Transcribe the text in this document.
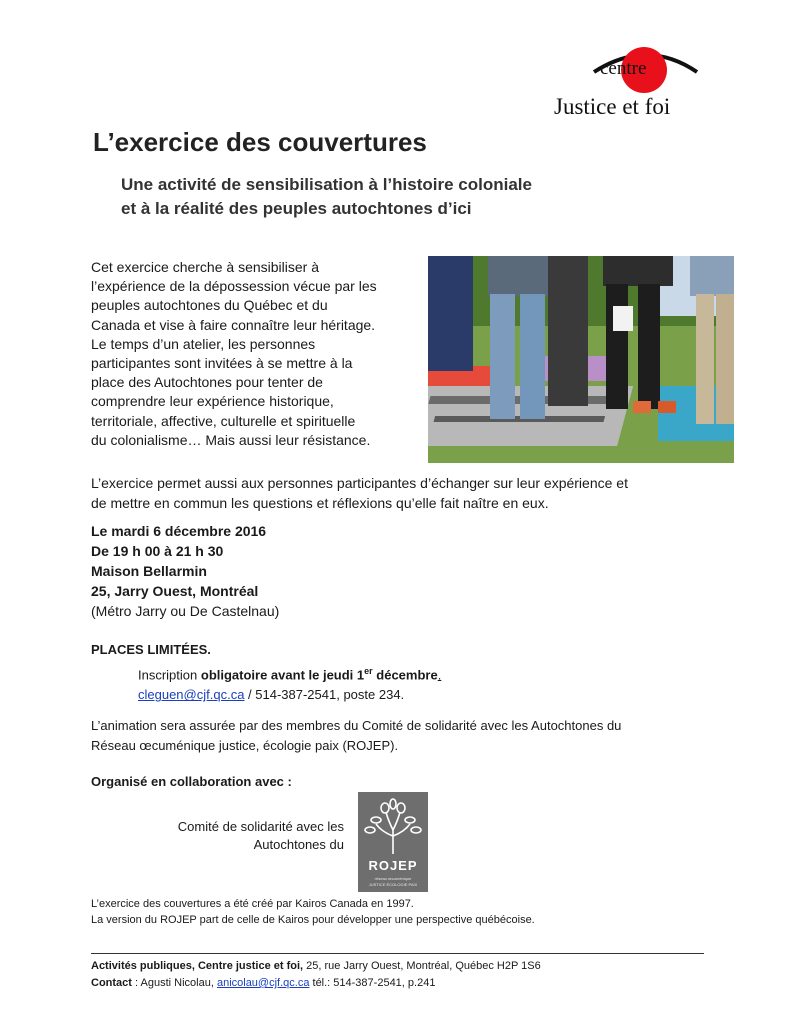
centre
Justice et foi
L’exercice des couvertures
Une activité de sensibilisation à l’histoire coloniale
et à la réalité des peuples autochtones d’ici
Cet exercice cherche à sensibiliser à
l’expérience de la dépossession vécue par les
peuples autochtones du Québec et du
Canada et vise à faire connaître leur héritage.
Le temps d’un atelier, les personnes
participantes sont invitées à se mettre à la
place des Autochtones pour tenter de
comprendre leur expérience historique,
territoriale, affective, culturelle et spirituelle
du colonialisme… Mais aussi leur résistance.
L’exercice permet aussi aux personnes participantes d’échanger sur leur expérience et
de mettre en commun les questions et réflexions qu’elle fait naître en eux.
Le mardi 6 décembre 2016
De 19 h 00 à 21 h 30
Maison Bellarmin
25, Jarry Ouest, Montréal
(Métro Jarry ou De Castelnau)
PLACES LIMITÉES.
Inscription obligatoire avant le jeudi 1er décembre.
cleguen@cjf.qc.ca / 514-387-2541, poste 234.
L’animation sera assurée par des membres du Comité de solidarité avec les Autochtones du
Réseau œcuménique justice, écologie paix (ROJEP).
Organisé en collaboration avec :
Comité de solidarité avec les
Autochtones du
ROJEP
réseau œcuménique
JUSTICE ÉCOLOGIE PAIX
L’exercice des couvertures a été créé par Kairos Canada en 1997.
La version du ROJEP part de celle de Kairos pour développer une perspective québécoise.
Activités publiques, Centre justice et foi, 25, rue Jarry Ouest, Montréal, Québec H2P 1S6
Contact : Agusti Nicolau, anicolau@cjf.qc.ca tél.: 514-387-2541, p.241
